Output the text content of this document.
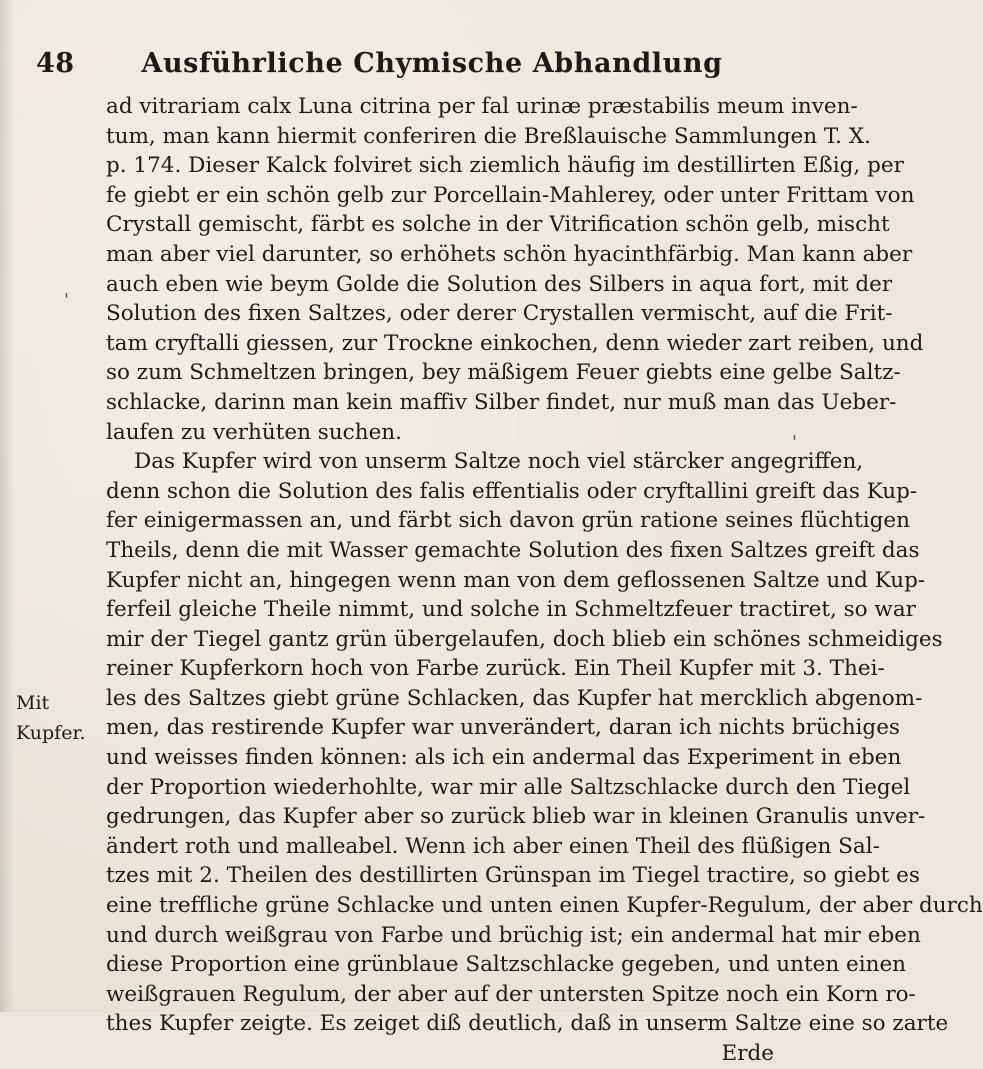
48	Ausführliche Chymische Abhandlung
Mit
Kupfer.
'
'
ad vitrariam calx Luna citrina per fal urinæ præstabilis meum inven-
tum, man kann hiermit conferiren die Breßlauische Sammlungen T. X.
p. 174. Dieser Kalck folviret sich ziemlich häufig im destillirten Eßig, per
fe giebt er ein schön gelb zur Porcellain-Mahlerey, oder unter Frittam von
Crystall gemischt, färbt es solche in der Vitrification schön gelb, mischt
man aber viel darunter, so erhöhets schön hyacinthfärbig. Man kann aber
auch eben wie beym Golde die Solution des Silbers in aqua fort, mit der
Solution des fixen Saltzes, oder derer Crystallen vermischt, auf die Frit-
tam cryftalli giessen, zur Trockne einkochen, denn wieder zart reiben, und
so zum Schmeltzen bringen, bey mäßigem Feuer giebts eine gelbe Saltz-
schlacke, darinn man kein maffiv Silber findet, nur muß man das Ueber-
laufen zu verhüten suchen.
Das Kupfer wird von unserm Saltze noch viel stärcker angegriffen,
denn schon die Solution des falis effentialis oder cryftallini greift das Kup-
fer einigermassen an, und färbt sich davon grün ratione seines flüchtigen
Theils, denn die mit Wasser gemachte Solution des fixen Saltzes greift das
Kupfer nicht an, hingegen wenn man von dem geflossenen Saltze und Kup-
ferfeil gleiche Theile nimmt, und solche in Schmeltzfeuer tractiret, so war
mir der Tiegel gantz grün übergelaufen, doch blieb ein schönes schmeidiges
reiner Kupferkorn hoch von Farbe zurück. Ein Theil Kupfer mit 3. Thei-
les des Saltzes giebt grüne Schlacken, das Kupfer hat mercklich abgenom-
men, das restirende Kupfer war unverändert, daran ich nichts brüchiges
und weisses finden können: als ich ein andermal das Experiment in eben
der Proportion wiederhohlte, war mir alle Saltzschlacke durch den Tiegel
gedrungen, das Kupfer aber so zurück blieb war in kleinen Granulis unver-
ändert roth und malleabel. Wenn ich aber einen Theil des flüßigen Sal-
tzes mit 2. Theilen des destillirten Grünspan im Tiegel tractire, so giebt es
eine treffliche grüne Schlacke und unten einen Kupfer-Regulum, der aber durch
und durch weißgrau von Farbe und brüchig ist; ein andermal hat mir eben
diese Proportion eine grünblaue Saltzschlacke gegeben, und unten einen
weißgrauen Regulum, der aber auf der untersten Spitze noch ein Korn ro-
thes Kupfer zeigte. Es zeiget diß deutlich, daß in unserm Saltze eine so zarte
Erde
